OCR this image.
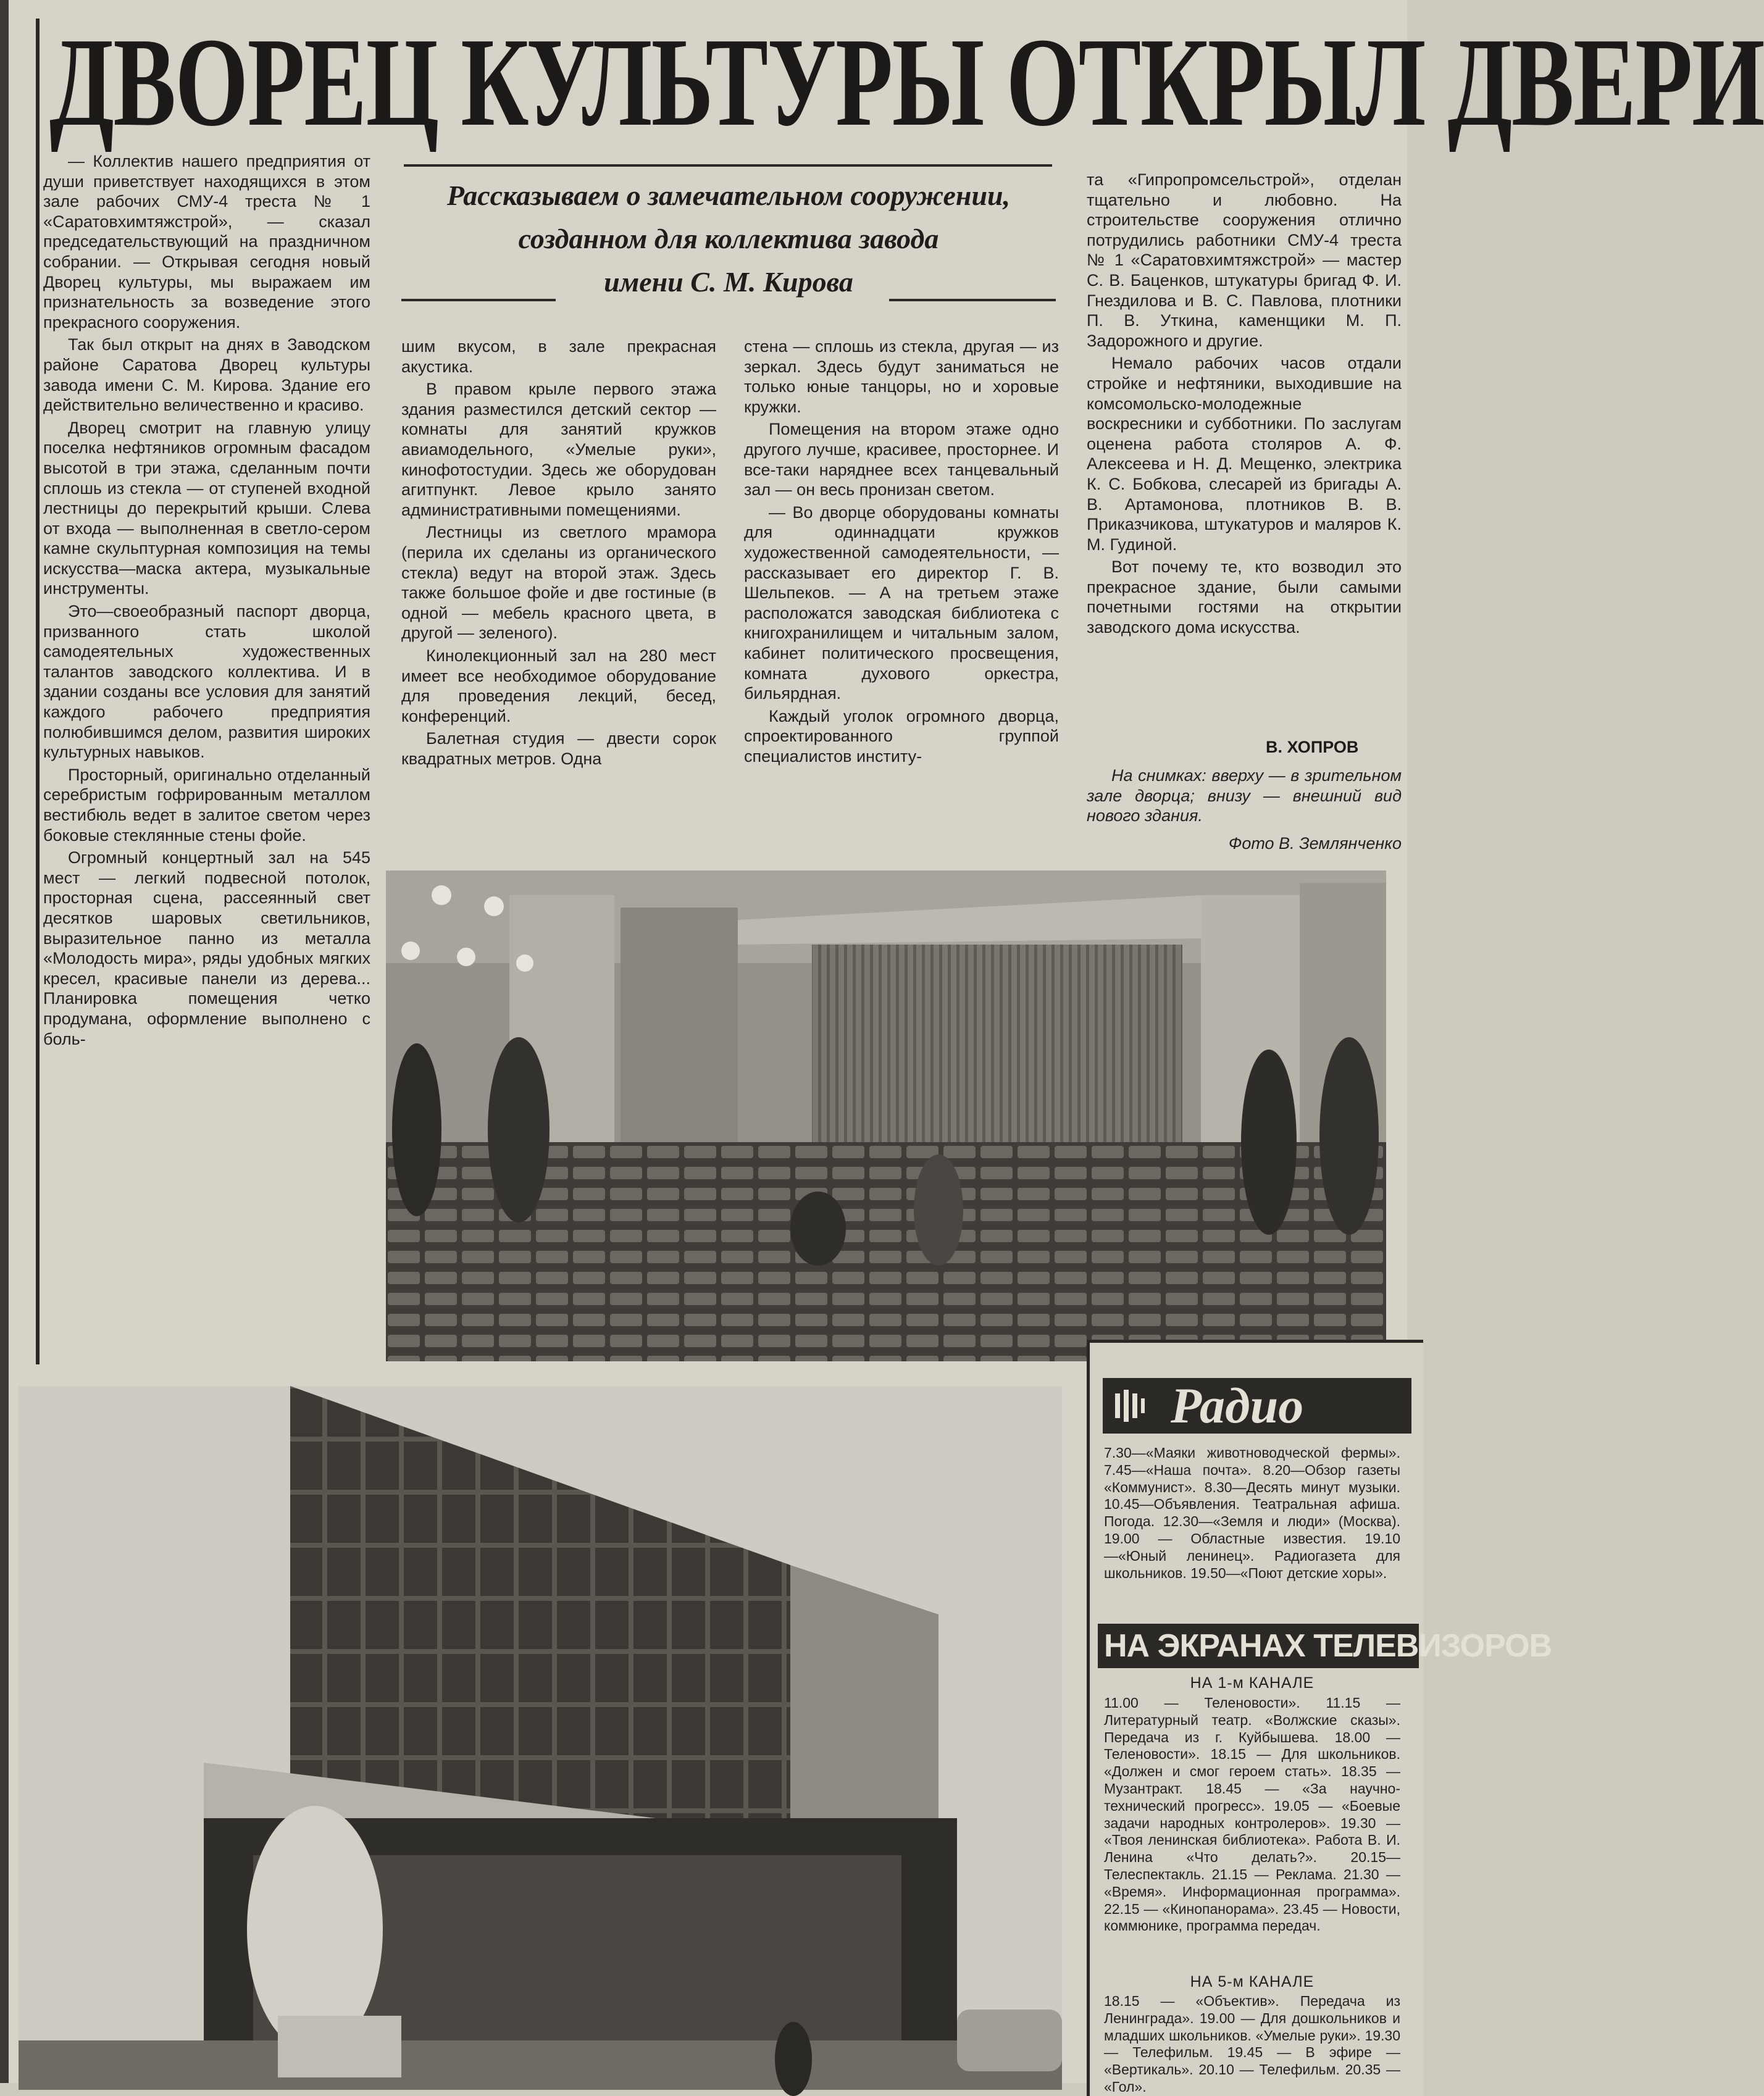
ДВОРЕЦ КУЛЬТУРЫ ОТКРЫЛ ДВЕРИ
Рассказываем о замечательном сооружении,
созданном для коллектива завода
имени С. М. Кирова

— Коллектив нашего предприятия от души приветствует находящихся в этом зале рабочих СМУ-4 треста № 1 «Саратовхимтяжстрой», — сказал председательствующий на праздничном собрании. — Открывая сегодня новый Дворец культуры, мы выражаем им признательность за возведение этого прекрасного сооружения.

Так был открыт на днях в Заводском районе Саратова Дворец культуры завода имени С. М. Кирова. Здание его действительно величественно и красиво.

Дворец смотрит на главную улицу поселка нефтяников огромным фасадом высотой в три этажа, сделанным почти сплошь из стекла — от ступеней входной лестницы до перекрытий крыши. Слева от входа — выполненная в светло-сером камне скульптурная композиция на темы искусства—маска актера, музыкальные инструменты.

Это—своеобразный паспорт дворца, призванного стать школой самодеятельных художественных талантов заводского коллектива. И в здании созданы все условия для занятий каждого рабочего предприятия полюбившимся делом, развития широких культурных навыков.

Просторный, оригинально отделанный серебристым гофрированным металлом вестибюль ведет в залитое светом через боковые стеклянные стены фойе.

Огромный концертный зал на 545 мест — легкий подвесной потолок, просторная сцена, рассеянный свет десятков шаровых светильников, выразительное панно из металла «Молодость мира», ряды удобных мягких кресел, красивые панели из дерева... Планировка помещения четко продумана, оформление выполнено с боль-

шим вкусом, в зале прекрасная акустика.

В правом крыле первого этажа здания разместился детский сектор — комнаты для занятий кружков авиамодельного, «Умелые руки», кинофотостудии. Здесь же оборудован агитпункт. Левое крыло занято административными помещениями.

Лестницы из светлого мрамора (перила их сделаны из органического стекла) ведут на второй этаж. Здесь также большое фойе и две гостиные (в одной — мебель красного цвета, в другой — зеленого).

Кинолекционный зал на 280 мест имеет все необходимое оборудование для проведения лекций, бесед, конференций.

Балетная студия — двести сорок квадратных метров. Одна

стена — сплошь из стекла, другая — из зеркал. Здесь будут заниматься не только юные танцоры, но и хоровые кружки.

Помещения на втором этаже одно другого лучше, красивее, просторнее. И все-таки наряднее всех танцевальный зал — он весь пронизан светом.

— Во дворце оборудованы комнаты для одиннадцати кружков художественной самодеятельности, — рассказывает его директор Г. В. Шельпеков. — А на третьем этаже расположатся заводская библиотека с книгохранилищем и читальным залом, кабинет политического просвещения, комната духового оркестра, бильярдная.

Каждый уголок огромного дворца, спроектированного группой специалистов институ-

та «Гипропромсельстрой», отделан тщательно и любовно. На строительстве сооружения отлично потрудились работники СМУ-4 треста № 1 «Саратовхимтяжстрой» — мастер С. В. Баценков, штукатуры бригад Ф. И. Гнездилова и В. С. Павлова, плотники П. В. Уткина, каменщики М. П. Задорожного и другие.

Немало рабочих часов отдали стройке и нефтяники, выходившие на комсомольско-молодежные воскресники и субботники. По заслугам оценена работа столяров А. Ф. Алексеева и Н. Д. Мещенко, электрика К. С. Бобкова, слесарей из бригады А. В. Артамонова, плотников В. В. Приказчикова, штукатуров и маляров К. М. Гудиной.

Вот почему те, кто возводил это прекрасное здание, были самыми почетными гостями на открытии заводского дома искусства.

В. ХОПРОВ

На снимках: вверху — в зрительном зале дворца; внизу — внешний вид нового здания.

Фото В. Землянченко
Радио
7.30—«Маяки животноводческой фермы». 7.45—«Наша почта». 8.20—Обзор газеты «Коммунист». 8.30—Десять минут музыки. 10.45—Объявления. Театральная афиша. Погода. 12.30—«Земля и люди» (Москва). 19.00 — Областные известия. 19.10—«Юный ленинец». Радиогазета для школьников. 19.50—«Поют детские хоры».
НА ЭКРАНАХ ТЕЛЕВИЗОРОВ
НА 1-м КАНАЛЕ
11.00 — Теленовости». 11.15 — Литературный театр. «Волжские сказы». Передача из г. Куйбышева. 18.00 — Теленовости». 18.15 — Для школьников. «Должен и смог героем стать». 18.35 — Музантракт. 18.45 — «За научно-технический прогресс». 19.05 — «Боевые задачи народных контролеров». 19.30 — «Твоя ленинская библиотека». Работа В. И. Ленина «Что делать?». 20.15—Телеспектакль. 21.15 — Реклама. 21.30 — «Время». Информационная программа». 22.15 — «Кинопанорама». 23.45 — Новости, коммюнике, программа передач.
НА 5-м КАНАЛЕ
18.15 — «Объектив». Передача из Ленинграда». 19.00 — Для дошкольников и младших школьников. «Умелые руки». 19.30 — Телефильм. 19.45 — В эфире — «Вертикаль». 20.10 — Телефильм. 20.35 — «Гол».
